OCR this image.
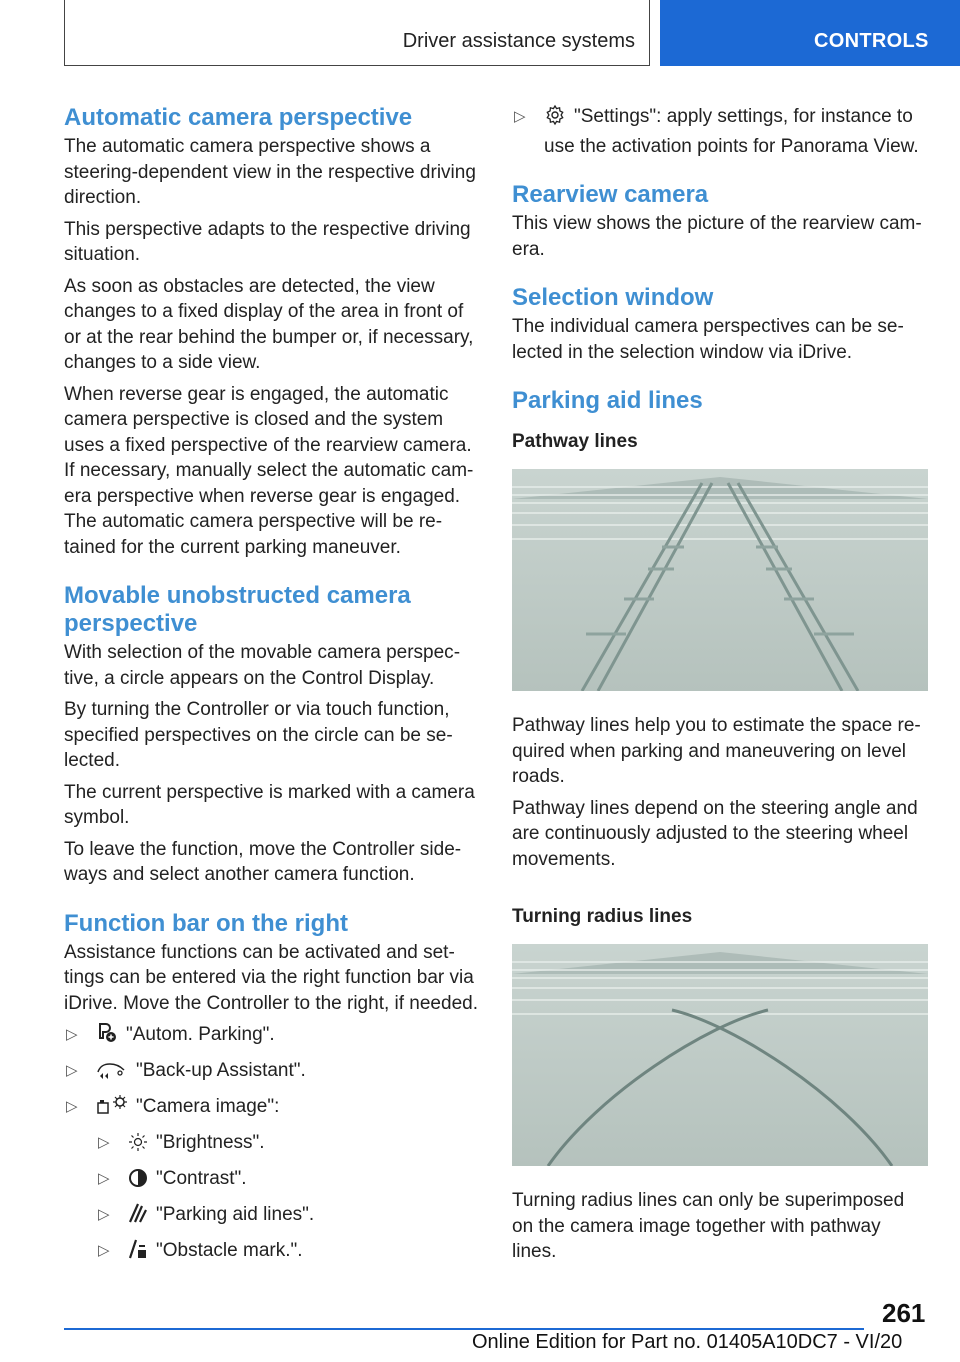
Driver assistance systems	CONTROLS
Automatic camera perspective

The automatic camera perspective shows a steering-dependent view in the respective driving direction.

This perspective adapts to the respective driving situation.

As soon as obstacles are detected, the view changes to a fixed display of the area in front of or at the rear behind the bumper or, if necessary, changes to a side view.

When reverse gear is engaged, the automatic camera perspective is closed and the system uses a fixed perspective of the rearview camera. If necessary, manually select the automatic camera perspective when reverse gear is engaged. The automatic camera perspective will be retained for the current parking maneuver.

Movable unobstructed camera perspective

With selection of the movable camera perspective, a circle appears on the Control Display.

By turning the Controller or via touch function, specified perspectives on the circle can be selected.

The current perspective is marked with a camera symbol.

To leave the function, move the Controller sideways and select another camera function.

Function bar on the right

Assistance functions can be activated and settings can be entered via the right function bar via iDrive. Move the Controller to the right, if needed.

▷	"Autom. Parking".
▷	"Back-up Assistant".
▷	"Camera image":
▷ "Brightness".
▷ "Contrast".
▷ "Parking aid lines".
▷ "Obstacle mark.".
▷	"Settings": apply settings, for instance to use the activation points for Panorama View.
Rearview camera

This view shows the picture of the rearview camera.

Selection window

The individual camera perspectives can be selected in the selection window via iDrive.

Parking aid lines
Pathway lines

Pathway lines help you to estimate the space required when parking and maneuvering on level roads.

Pathway lines depend on the steering angle and are continuously adjusted to the steering wheel movements.

Turning radius lines

Turning radius lines can only be superimposed on the camera image together with pathway lines.

261
Online Edition for Part no. 01405A10DC7 - VI/20
